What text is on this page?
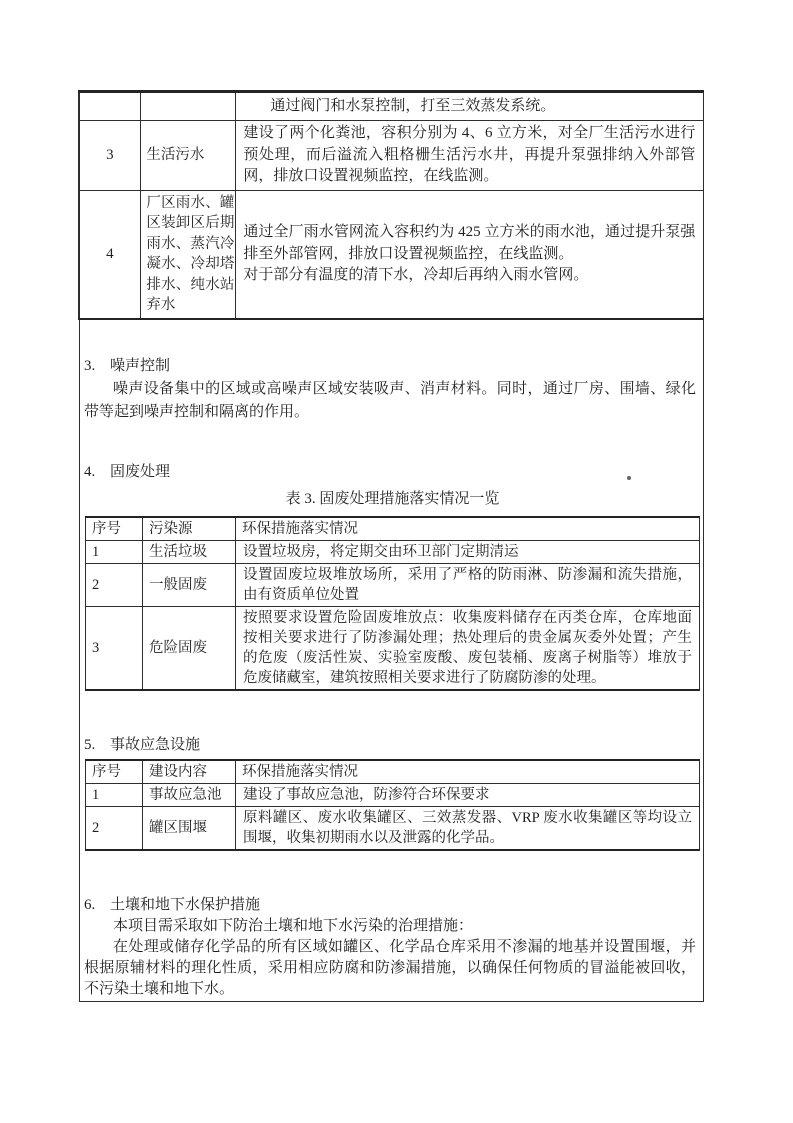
		通过阀门和水泵控制，打至三效蒸发系统。
3	生活污水	建设了两个化粪池，容积分别为 4、6 立方米，对全厂生活污水进行预处理，而后溢流入粗格栅生活污水井，再提升泵强排纳入外部管网，排放口设置视频监控，在线监测。
4	厂区雨水、罐区装卸区后期雨水、蒸汽冷凝水、冷却塔排水、纯水站弃水	通过全厂雨水管网流入容积约为 425 立方米的雨水池，通过提升泵强排至外部管网，排放口设置视频监控，在线监测。
对于部分有温度的清下水，冷却后再纳入雨水管网。
3. 噪声控制

噪声设备集中的区域或高噪声区域安装吸声、消声材料。同时，通过厂房、围墙、绿化带等起到噪声控制和隔离的作用。

4. 固废处理
表 3. 固废处理措施落实情况一览
序号	污染源	环保措施落实情况
1	生活垃圾	设置垃圾房，将定期交由环卫部门定期清运
2	一般固废	设置固废垃圾堆放场所，采用了严格的防雨淋、防渗漏和流失措施，由有资质单位处置
3	危险固废	按照要求设置危险固废堆放点：收集废料储存在丙类仓库，仓库地面按相关要求进行了防渗漏处理；热处理后的贵金属灰委外处置；产生的危废（废活性炭、实验室废酸、废包装桶、废离子树脂等）堆放于危废储藏室，建筑按照相关要求进行了防腐防渗的处理。
5. 事故应急设施
序号	建设内容	环保措施落实情况
1	事故应急池	建设了事故应急池，防渗符合环保要求
2	罐区围堰	原料罐区、废水收集罐区、三效蒸发器、VRP 废水收集罐区等均设立围堰，收集初期雨水以及泄露的化学品。
6. 土壤和地下水保护措施

本项目需采取如下防治土壤和地下水污染的治理措施：

在处理或储存化学品的所有区域如罐区、化学品仓库采用不渗漏的地基并设置围堰，并根据原辅材料的理化性质，采用相应防腐和防渗漏措施，以确保任何物质的冒溢能被回收，不污染土壤和地下水。
